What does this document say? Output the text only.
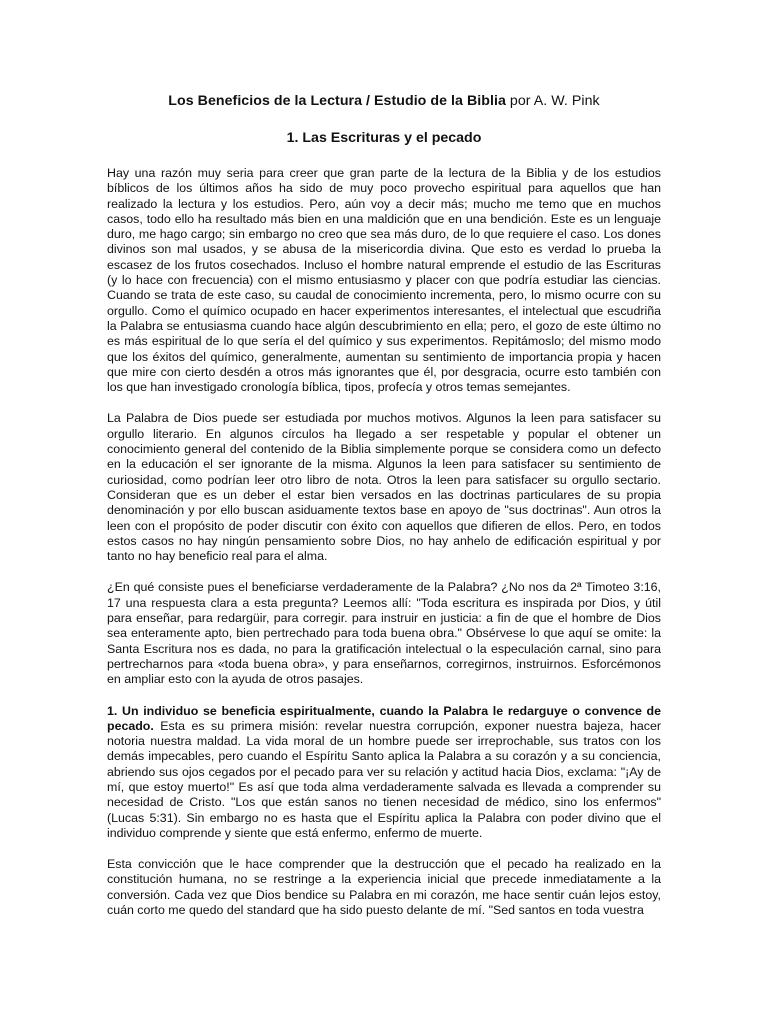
Los Beneficios de la Lectura / Estudio de la Biblia por A. W. Pink
1. Las Escrituras y el pecado

Hay una razón muy seria para creer que gran parte de la lectura de la Biblia y de los estudios bíblicos de los últimos años ha sido de muy poco provecho espiritual para aquellos que han realizado la lectura y los estudios. Pero, aún voy a decir más; mucho me temo que en muchos casos, todo ello ha resultado más bien en una maldición que en una bendición. Este es un lenguaje duro, me hago cargo; sin embargo no creo que sea más duro, de lo que requiere el caso. Los dones divinos son mal usados, y se abusa de la misericordia divina. Que esto es verdad lo prueba la escasez de los frutos cosechados. Incluso el hombre natural emprende el estudio de las Escrituras (y lo hace con frecuencia) con el mismo entusiasmo y placer con que podría estudiar las ciencias. Cuando se trata de este caso, su caudal de conocimiento incrementa, pero, lo mismo ocurre con su orgullo. Como el químico ocupado en hacer experimentos interesantes, el intelectual que escudriña la Palabra se entusiasma cuando hace algún descubrimiento en ella; pero, el gozo de este último no es más espiritual de lo que sería el del químico y sus experimentos. Repitámoslo; del mismo modo que los éxitos del químico, generalmente, aumentan su sentimiento de importancia propia y hacen que mire con cierto desdén a otros más ignorantes que él, por desgracia, ocurre esto también con los que han investigado cronología bíblica, tipos, profecía y otros temas semejantes.

La Palabra de Dios puede ser estudiada por muchos motivos. Algunos la leen para satisfacer su orgullo literario. En algunos círculos ha llegado a ser respetable y popular el obtener un conocimiento general del contenido de la Biblia simplemente porque se considera como un defecto en la educación el ser ignorante de la misma. Algunos la leen para satisfacer su sentimiento de curiosidad, como podrían leer otro libro de nota. Otros la leen para satisfacer su orgullo sectario. Consideran que es un deber el estar bien versados en las doctrinas particulares de su propia denominación y por ello buscan asiduamente textos base en apoyo de "sus doctrinas". Aun otros la leen con el propósito de poder discutir con éxito con aquellos que difieren de ellos. Pero, en todos estos casos no hay ningún pensamiento sobre Dios, no hay anhelo de edificación espiritual y por tanto no hay beneficio real para el alma.

¿En qué consiste pues el beneficiarse verdaderamente de la Palabra? ¿No nos da 2ª Timoteo 3:16, 17 una respuesta clara a esta pregunta? Leemos allí: "Toda escritura es inspirada por Dios, y útil para enseñar, para redargüir, para corregir. para instruir en justicia: a fin de que el hombre de Dios sea enteramente apto, bien pertrechado para toda buena obra." Obsérvese lo que aquí se omite: la Santa Escritura nos es dada, no para la gratificación intelectual o la especulación carnal, sino para pertrecharnos para «toda buena obra», y para enseñarnos, corregirnos, instruirnos. Esforcémonos en ampliar esto con la ayuda de otros pasajes.

1. Un individuo se beneficia espiritualmente, cuando la Palabra le redarguye o convence de pecado. Esta es su primera misión: revelar nuestra corrupción, exponer nuestra bajeza, hacer notoria nuestra maldad. La vida moral de un hombre puede ser irreprochable, sus tratos con los demás impecables, pero cuando el Espíritu Santo aplica la Palabra a su corazón y a su conciencia, abriendo sus ojos cegados por el pecado para ver su relación y actitud hacia Dios, exclama: "¡Ay de mí, que estoy muerto!" Es así que toda alma verdaderamente salvada es llevada a comprender su necesidad de Cristo. "Los que están sanos no tienen necesidad de médico, sino los enfermos" (Lucas 5:31). Sin embargo no es hasta que el Espíritu aplica la Palabra con poder divino que el individuo comprende y siente que está enfermo, enfermo de muerte.

Esta convicción que le hace comprender que la destrucción que el pecado ha realizado en la constitución humana, no se restringe a la experiencia inicial que precede inmediatamente a la conversión. Cada vez que Dios bendice su Palabra en mi corazón, me hace sentir cuán lejos estoy, cuán corto me quedo del standard que ha sido puesto delante de mí. "Sed santos en toda vuestra
